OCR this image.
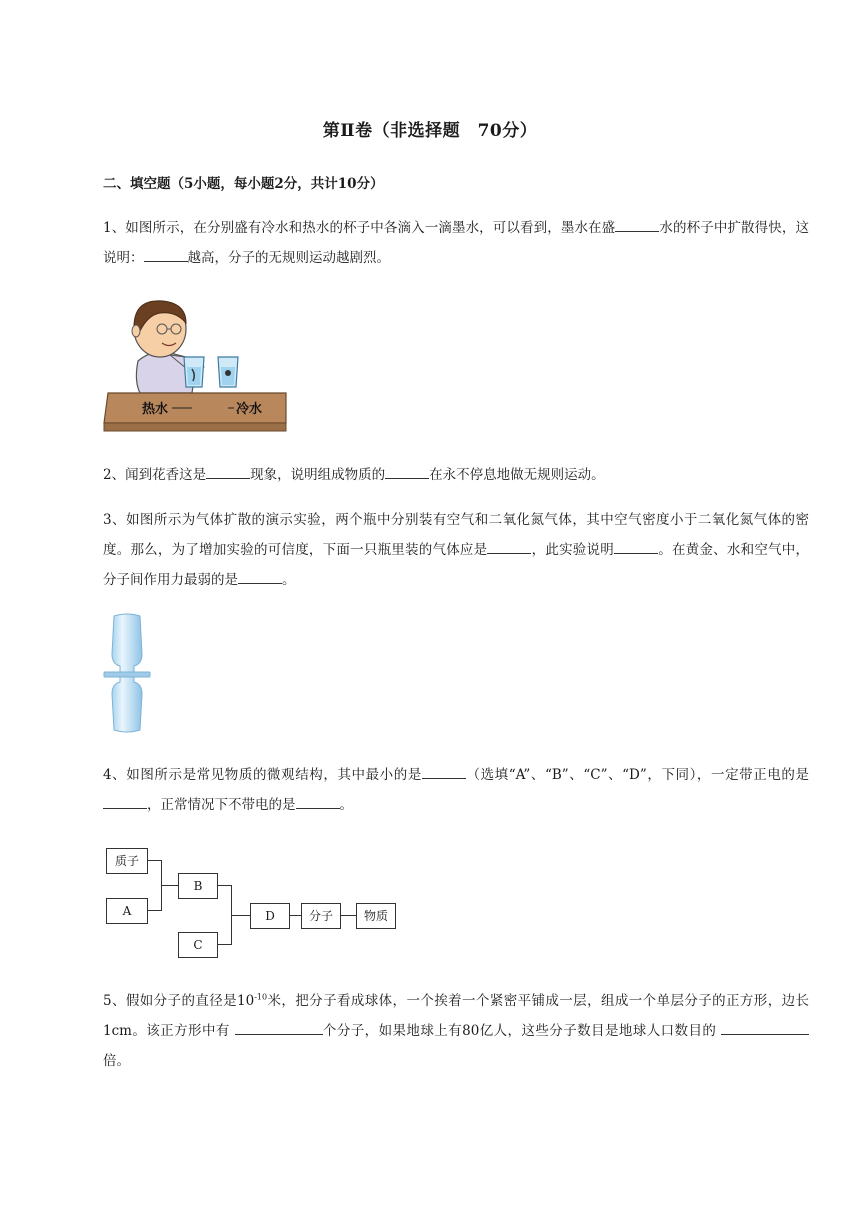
第Ⅱ卷（非选择题　70分）
二、填空题（5小题，每小题2分，共计10分）
1、如图所示，在分别盛有冷水和热水的杯子中各滴入一滴墨水，可以看到，墨水在盛	水的杯子中扩散得快，这说明：	越高，分子的无规则运动越剧烈。
热水	冷水
2、闻到花香这是	现象，说明组成物质的	在永不停息地做无规则运动。
3、如图所示为气体扩散的演示实验，两个瓶中分别装有空气和二氧化氮气体，其中空气密度小于二氧化氮气体的密度。那么，为了增加实验的可信度，下面一只瓶里装的气体应是	，此实验说明	。在黄金、水和空气中，分子间作用力最弱的是	。
4、如图所示是常见物质的微观结构，其中最小的是	（选填“A”、“B”、“C”、“D”，下同），一定带正电的是，正常情况下不带电的是	。
质子
A
B
C
D	分子	物质
5、假如分子的直径是$10^{-10}$米，把分子看成球体，一个挨着一个紧密平铺成一层，组成一个单层分子的正方形，边长1cm。该正方形中有	个分子，如果地球上有80亿人，这些分子数目是地球人口数目的 倍。
